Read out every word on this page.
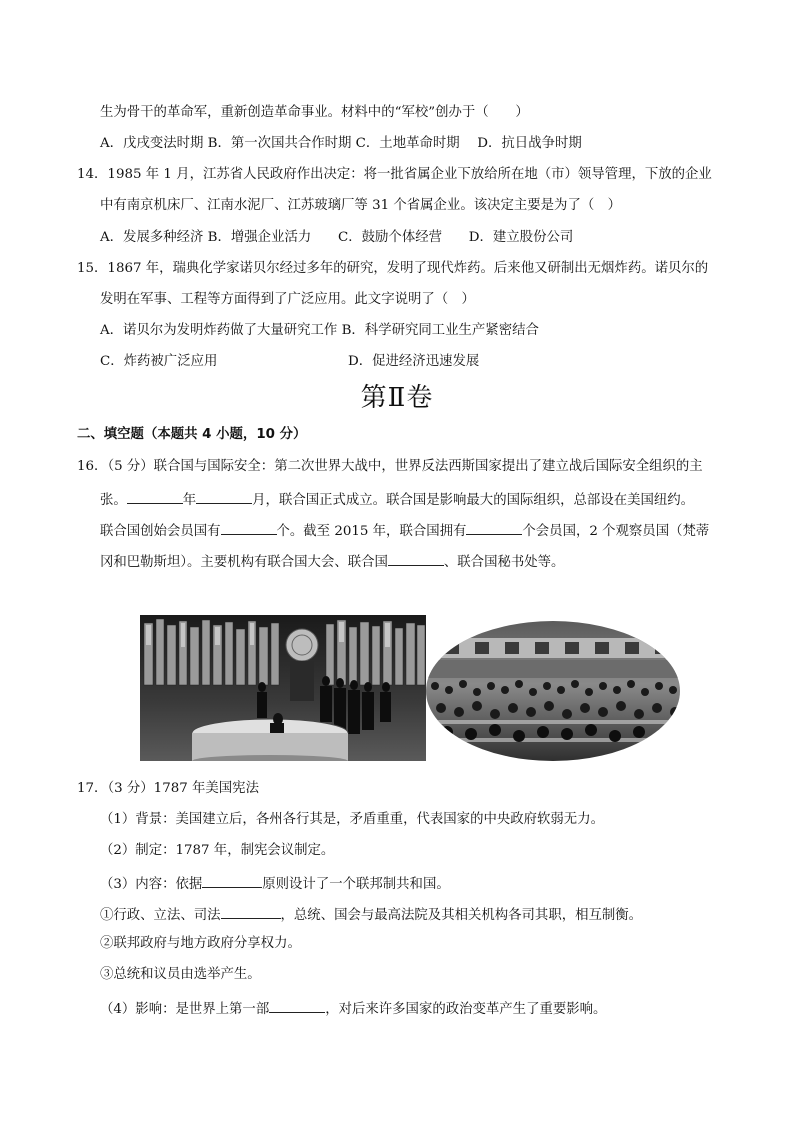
生为骨干的革命军，重新创造革命事业。材料中的“军校”创办于（　　）
A．戊戌变法时期 B．第一次国共合作时期 C．土地革命时期　 D．抗日战争时期
14．1985 年 1 月，江苏省人民政府作出决定：将一批省属企业下放给所在地（市）领导管理，下放的企业
中有南京机床厂、江南水泥厂、江苏玻璃厂等 31 个省属企业。该决定主要是为了（　）
A．发展多种经济 B．增强企业活力　　C．鼓励个体经营　　D．建立股份公司
15．1867 年，瑞典化学家诺贝尔经过多年的研究，发明了现代炸药。后来他又研制出无烟炸药。诺贝尔的
发明在军事、工程等方面得到了广泛应用。此文字说明了（　）
A．诺贝尔为发明炸药做了大量研究工作 B．科学研究同工业生产紧密结合
C．炸药被广泛应用	D．促进经济迅速发展
第Ⅱ卷
二、填空题（本题共 4 小题，10 分）
16．（5 分）联合国与国际安全：第二次世界大战中，世界反法西斯国家提出了建立战后国际安全组织的主
张。	年	月，联合国正式成立。联合国是影响最大的国际组织，总部设在美国纽约。
联合国创始会员国有	个。截至 2015 年，联合国拥有	个会员国，2 个观察员国（梵蒂
冈和巴勒斯坦）。主要机构有联合国大会、联合国	、联合国秘书处等。
17．（3 分）1787 年美国宪法
（1）背景：美国建立后，各州各行其是，矛盾重重，代表国家的中央政府软弱无力。
（2）制定：1787 年，制宪会议制定。
（3）内容：依据	原则设计了一个联邦制共和国。
①行政、立法、司法	，总统、国会与最高法院及其相关机构各司其职，相互制衡。
②联邦政府与地方政府分享权力。
③总统和议员由选举产生。
（4）影响：是世界上第一部	，对后来许多国家的政治变革产生了重要影响。
